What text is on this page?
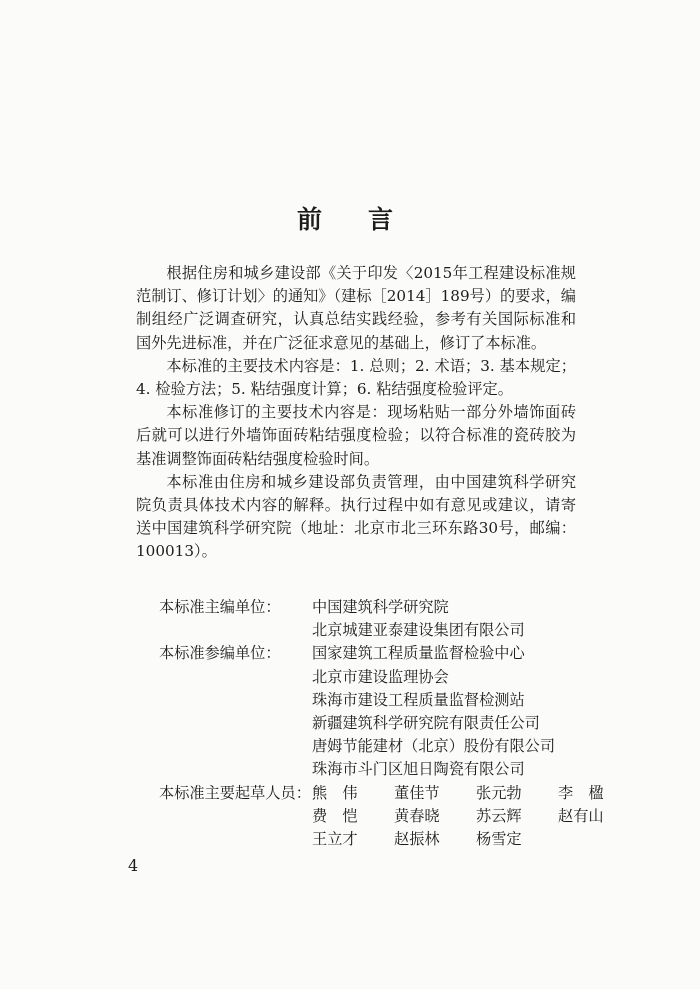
前 言

根据住房和城乡建设部《关于印发〈2015年工程建设标准规范制订、修订计划〉的通知》（建标［2014］189号）的要求，编制组经广泛调查研究，认真总结实践经验，参考有关国际标准和国外先进标准，并在广泛征求意见的基础上，修订了本标准。

本标准的主要技术内容是：1. 总则；2. 术语；3. 基本规定；4. 检验方法；5. 粘结强度计算；6. 粘结强度检验评定。

本标准修订的主要技术内容是：现场粘贴一部分外墙饰面砖后就可以进行外墙饰面砖粘结强度检验；以符合标准的瓷砖胶为基准调整饰面砖粘结强度检验时间。

本标准由住房和城乡建设部负责管理，由中国建筑科学研究院负责具体技术内容的解释。执行过程中如有意见或建议，请寄送中国建筑科学研究院（地址：北京市北三环东路30号，邮编：100013）。

本标准主编单位：	中国建筑科学研究院
北京城建亚泰建设集团有限公司
本标准参编单位：	国家建筑工程质量监督检验中心
北京市建设监理协会
珠海市建设工程质量监督检测站
新疆建筑科学研究院有限责任公司
唐姆节能建材（北京）股份有限公司
珠海市斗门区旭日陶瓷有限公司
本标准主要起草人员： 熊　伟	董佳节	张元勃	李　楹
费　恺	黄春晓	苏云辉	赵有山
王立才	赵振林	杨雪定
4
